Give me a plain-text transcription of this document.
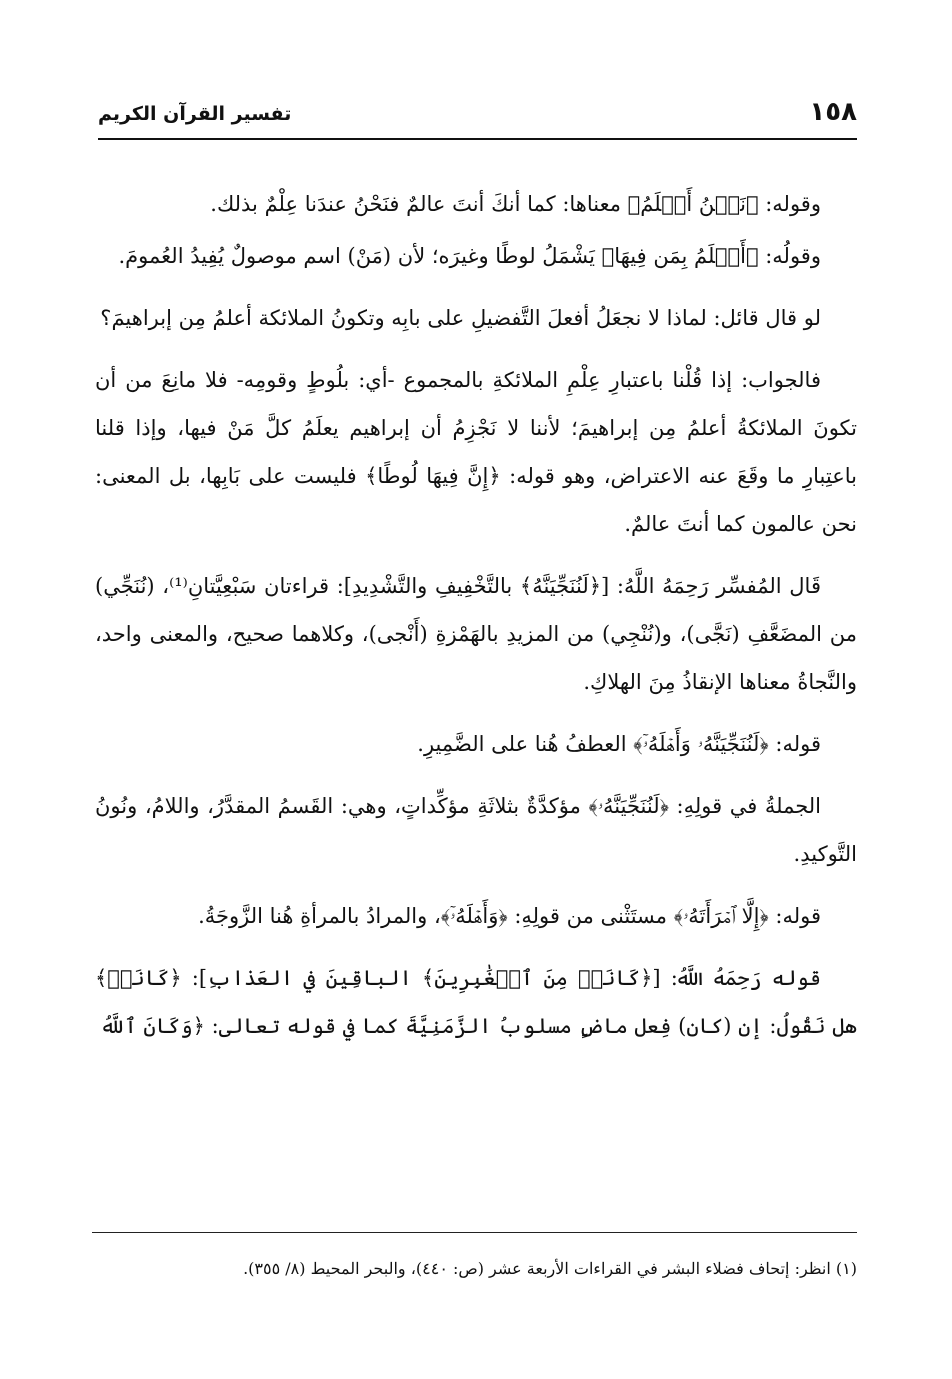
١٥٨
تفسير القرآن الكريم

وقوله: ﴿نَحۡنُ أَعۡلَمُ﴾ معناها: كما أنكَ أنتَ عالمٌ فنَحْنُ عندَنا عِلْمٌ بذلك.

وقولُه: ﴿أَعۡلَمُ بِمَن فِيهَا﴾ يَشْمَلُ لوطًا وغيرَه؛ لأن (مَنْ) اسم موصولٌ يُفِيدُ العُمومَ.

لو قال قائل: لماذا لا نجعَلُ أفعلَ التَّفضيلِ على بابِه وتكونُ الملائكة أعلمُ مِن إبراهيمَ؟

فالجواب: إذا قُلْنا باعتبارِ عِلْمِ الملائكةِ بالمجموع -أي: بلُوطٍ وقومِه- فلا مانِعَ من أن تكونَ الملائكةُ أعلمُ مِن إبراهيمَ؛ لأننا لا نَجْزِمُ أن إبراهيم يعلَمُ كلَّ مَنْ فيها، وإذا قلنا باعتِبارِ ما وقَعَ عنه الاعتراض، وهو قوله: ﴿إِنَّ فِيهَا لُوطًا﴾ فليست على بَابِها، بل المعنى: نحن عالمون كما أنتَ عالمٌ.

قَال المُفسِّر رَحِمَهُ اللَّهُ: [﴿لَنُنَجِّيَنَّهُ﴾ بالتَّخْفِيفِ والتَّشْدِيدِ]: قراءتان سَبْعِيَّتانِ⁽¹⁾، (نُنَجِّي) من المضَعَّفِ (نَجَّى)، و(نُنْجِي) من المزيدِ بالهَمْزةِ (أَنْجى)، وكلاهما صحيح، والمعنى واحد، والنَّجاةُ معناها الإنقاذُ مِنَ الهلاكِ.

قوله: ﴿لَنُنَجِّيَنَّهُۥ وَأَهۡلَهُۥٓ﴾ العطفُ هُنا على الضَّمِيرِ.

الجملةُ في قولِهِ: ﴿لَنُنَجِّيَنَّهُۥ﴾ مؤكدَّةٌ بثلاثَةِ مؤكِّداتٍ، وهي: القَسمُ المقدَّرُ، واللامُ، ونُونُ التَّوكيدِ.

قوله: ﴿إِلَّا ٱمۡرَأَتَهُۥ﴾ مستَثْنى من قولِهِ: ﴿وَأَهۡلَهُۥٓ﴾، والمرادُ بالمرأةِ هُنا الزَّوجَةُ.

قوله رَحِمَهُ اللَّهُ: [﴿كَانَتۡ مِنَ ٱلۡغَٰبِرِينَ﴾ الباقِينَ في العَذابِ]: ﴿كَانَتۡ﴾ هل نَقُولُ: إن (كان) فِعل ماضٍ مسلوبُ الزَّمَنِيَّةَ كما في قوله تعالى: ﴿وَكَانَ ٱللَّهُ

(١) انظر: إتحاف فضلاء البشر في القراءات الأربعة عشر (ص: ٤٤٠)، والبحر المحيط (٨/ ٣٥٥).
